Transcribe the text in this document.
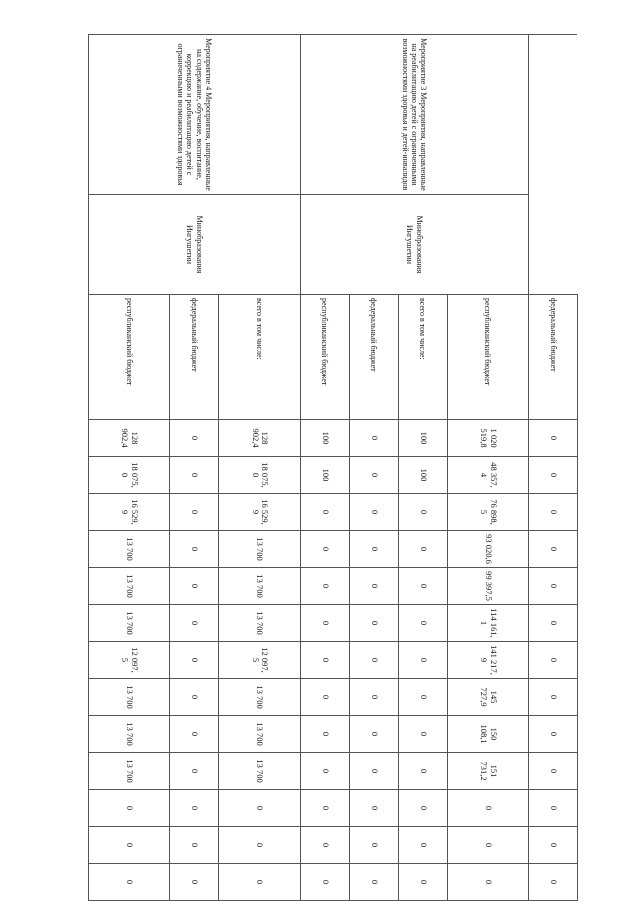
		федеральный бюджет	0	0	0	0	0	0	0	0	0	0	0	0	0
Мероприятие 3 Мероприятия, направленные на реабилитацию детей с ограниченными возможностями здоровья и детей-инвалидов	Минобразования Ингушетии	республиканский бюджет	1 020 519,8	48 357, 4	76 898, 5	93 020,6	99 397,5	114 161, 1	141 217, 9	145 727,9	150 108,1	151 731,2	0	0	0
		всего в том числе:	100	100	0	0	0	0	0	0	0	0	0	0	0
		федеральный бюджет	0	0	0	0	0	0	0	0	0	0	0	0	0
		республиканский бюджет	100	100	0	0	0	0	0	0	0	0	0	0	0
Мероприятие 4 Мероприятия, направленные на содержание, обучение, воспитание, коррекцию и реабилитацию детей с ограниченными возможностями здоровья	Минобразования Ингушетии	всего в том числе:	128 902,4	18 075, 0	16 529, 9	13 700	13 700	13 700	12 097, 5	13 700	13 700	13 700	0	0	0
		федеральный бюджет	0	0	0	0	0	0	0	0	0	0	0	0	0
		республиканский бюджет	128 902,4	18 075, 0	16 529, 9	13 700	13 700	13 700	12 097, 5	13 700	13 700	13 700	0	0	0
